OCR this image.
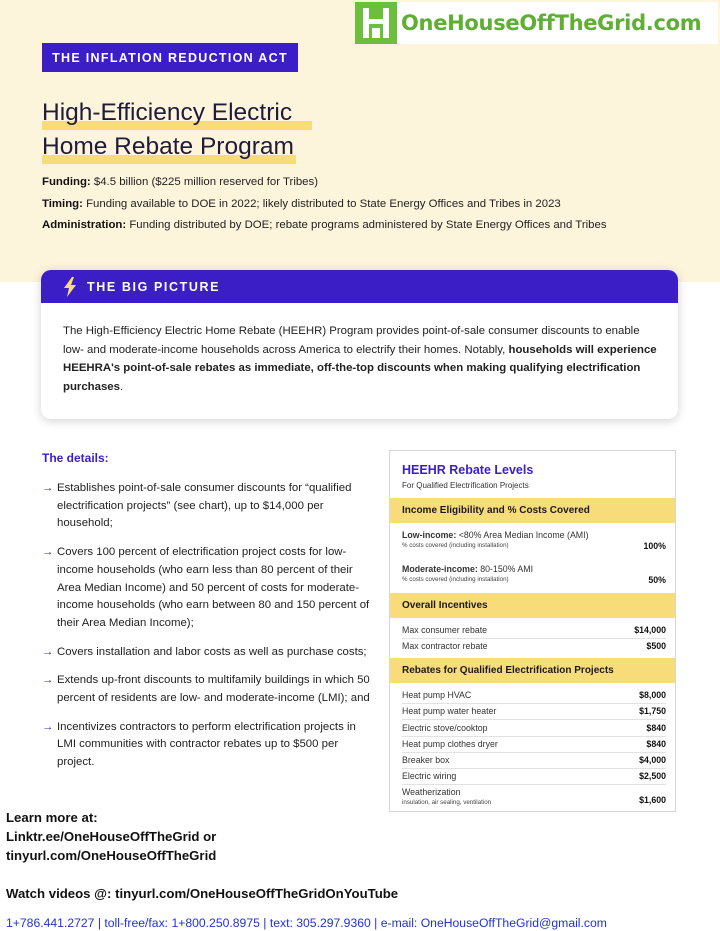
OneHouseOffTheGrid.com
THE INFLATION REDUCTION ACT
High-Efficiency Electric
Home Rebate Program
Funding: $4.5 billion ($225 million reserved for Tribes)
Timing: Funding available to DOE in 2022; likely distributed to State Energy Offices and Tribes in 2023
Administration: Funding distributed by DOE; rebate programs administered by State Energy Offices and Tribes
THE BIG PICTURE

The High-Efficiency Electric Home Rebate (HEEHR) Program provides point-of-sale consumer discounts to enable low- and moderate-income households across America to electrify their homes. Notably, households will experience HEEHRA's point-of-sale rebates as immediate, off-the-top discounts when making qualifying electrification purchases.

The details:
→ Establishes point-of-sale consumer discounts for “qualified electrification projects” (see chart), up to $14,000 per household;
→ Covers 100 percent of electrification project costs for low-income households (who earn less than 80 percent of their Area Median Income) and 50 percent of costs for moderate-income households (who earn between 80 and 150 percent of their Area Median Income);
→ Covers installation and labor costs as well as purchase costs;
→ Extends up-front discounts to multifamily buildings in which 50 percent of residents are low- and moderate-income (LMI); and
→ Incentivizes contractors to perform electrification projects in LMI communities with contractor rebates up to $500 per project.
HEEHR Rebate Levels
For Qualified Electrification Projects
Income Eligibility and % Costs Covered
Low-income: <80% Area Median Income (AMI)
% costs covered (including installation)	100%
Moderate-income: 80-150% AMI
% costs covered (including installation)	50%
Overall Incentives
Max consumer rebate	$14,000
Max contractor rebate	$500
Rebates for Qualified Electrification Projects
Heat pump HVAC	$8,000
Heat pump water heater	$1,750
Electric stove/cooktop	$840
Heat pump clothes dryer	$840
Breaker box	$4,000
Electric wiring	$2,500
Weatherization
insulation, air sealing, ventilation	$1,600
Learn more at:
Linktr.ee/OneHouseOffTheGrid or
tinyurl.com/OneHouseOffTheGrid
Watch videos @: tinyurl.com/OneHouseOffTheGridOnYouTube
1+786.441.2727 | toll-free/fax: 1+800.250.8975 | text: 305.297.9360 | e-mail: OneHouseOffTheGrid@gmail.com
